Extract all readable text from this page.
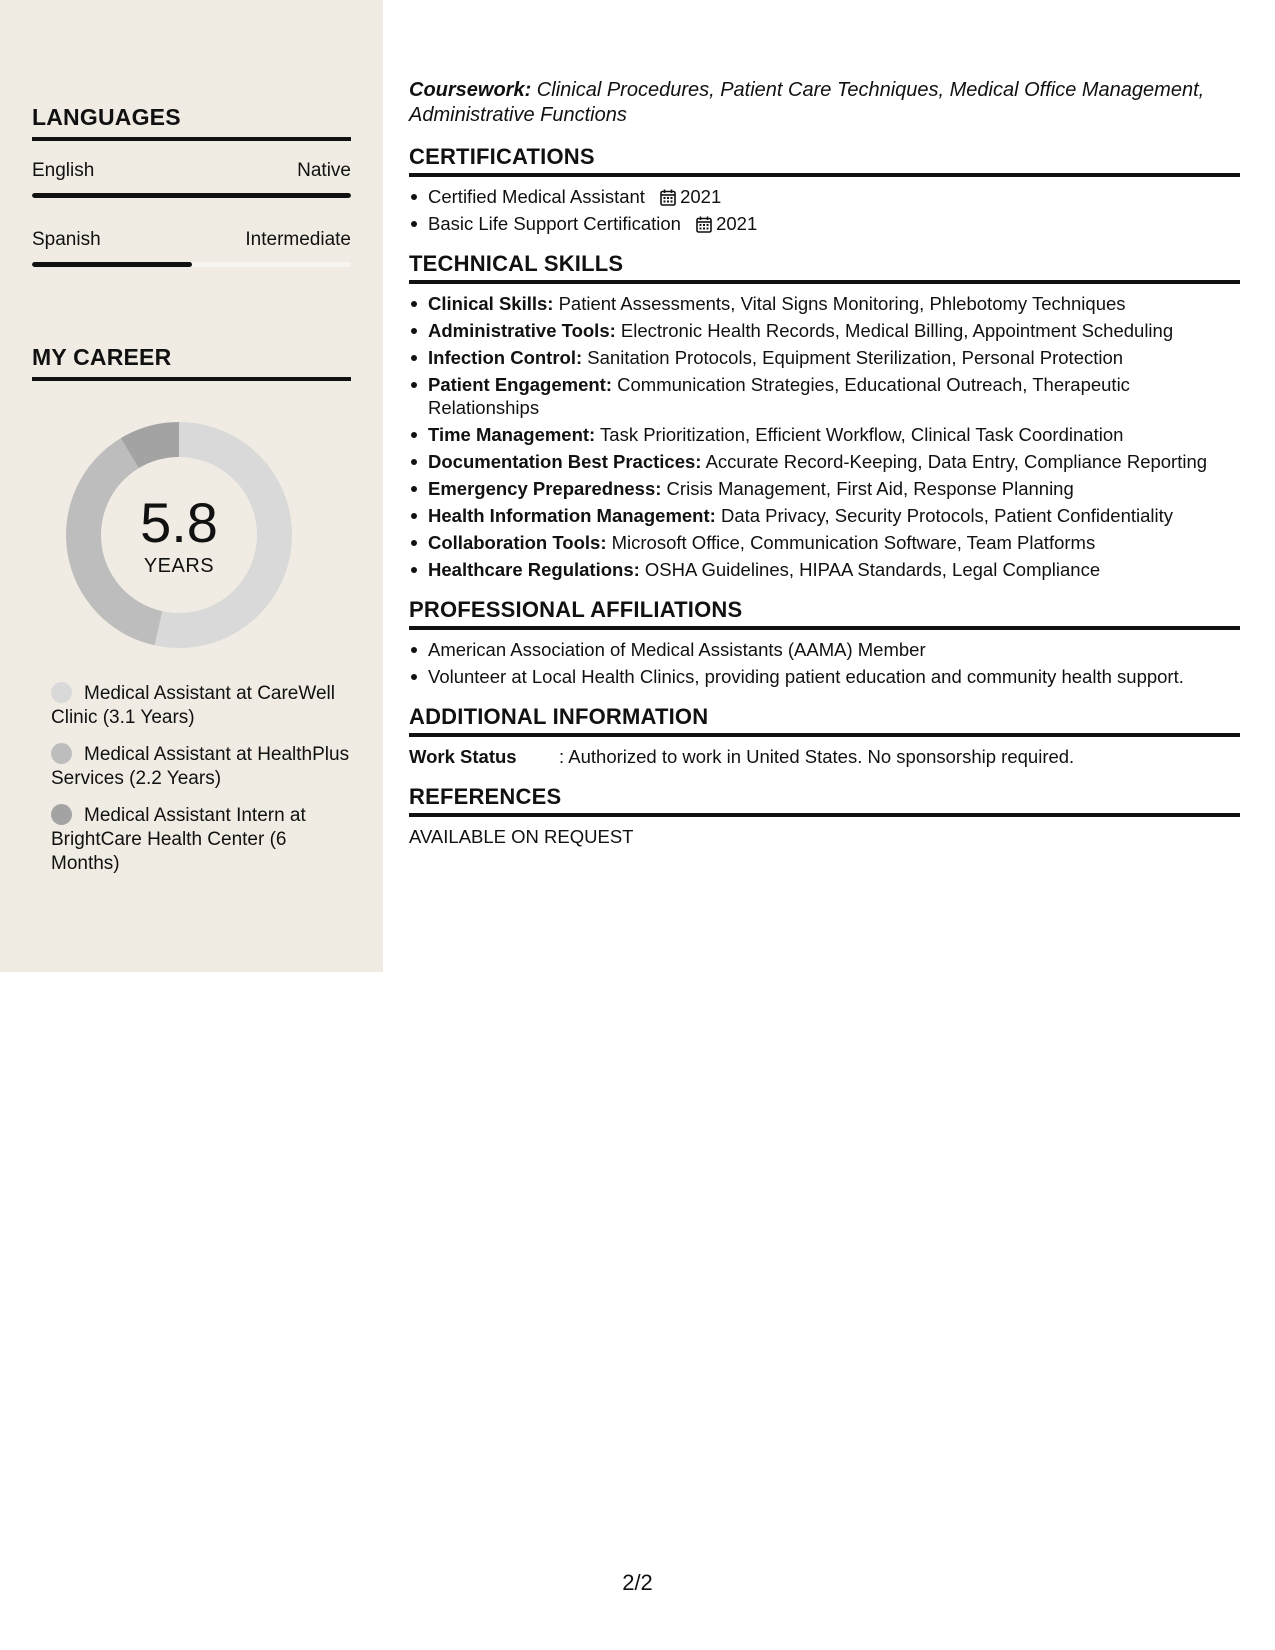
LANGUAGES
English	Native
Spanish	Intermediate
MY CAREER
5.8
YEARS
Medical Assistant at CareWell Clinic (3.1 Years)
Medical Assistant at HealthPlus Services (2.2 Years)
Medical Assistant Intern at BrightCare Health Center (6 Months)
Coursework: Clinical Procedures, Patient Care Techniques, Medical Office Management, Administrative Functions
CERTIFICATIONS
Certified Medical Assistant 2021
Basic Life Support Certification 2021
TECHNICAL SKILLS
Clinical Skills: Patient Assessments, Vital Signs Monitoring, Phlebotomy Techniques
Administrative Tools: Electronic Health Records, Medical Billing, Appointment Scheduling
Infection Control: Sanitation Protocols, Equipment Sterilization, Personal Protection
Patient Engagement: Communication Strategies, Educational Outreach, Therapeutic Relationships
Time Management: Task Prioritization, Efficient Workflow, Clinical Task Coordination
Documentation Best Practices: Accurate Record-Keeping, Data Entry, Compliance Reporting
Emergency Preparedness: Crisis Management, First Aid, Response Planning
Health Information Management: Data Privacy, Security Protocols, Patient Confidentiality
Collaboration Tools: Microsoft Office, Communication Software, Team Platforms
Healthcare Regulations: OSHA Guidelines, HIPAA Standards, Legal Compliance
PROFESSIONAL AFFILIATIONS
American Association of Medical Assistants (AAMA) Member
Volunteer at Local Health Clinics, providing patient education and community health support.
ADDITIONAL INFORMATION
Work Status	: Authorized to work in United States. No sponsorship required.
REFERENCES
AVAILABLE ON REQUEST
2/2
